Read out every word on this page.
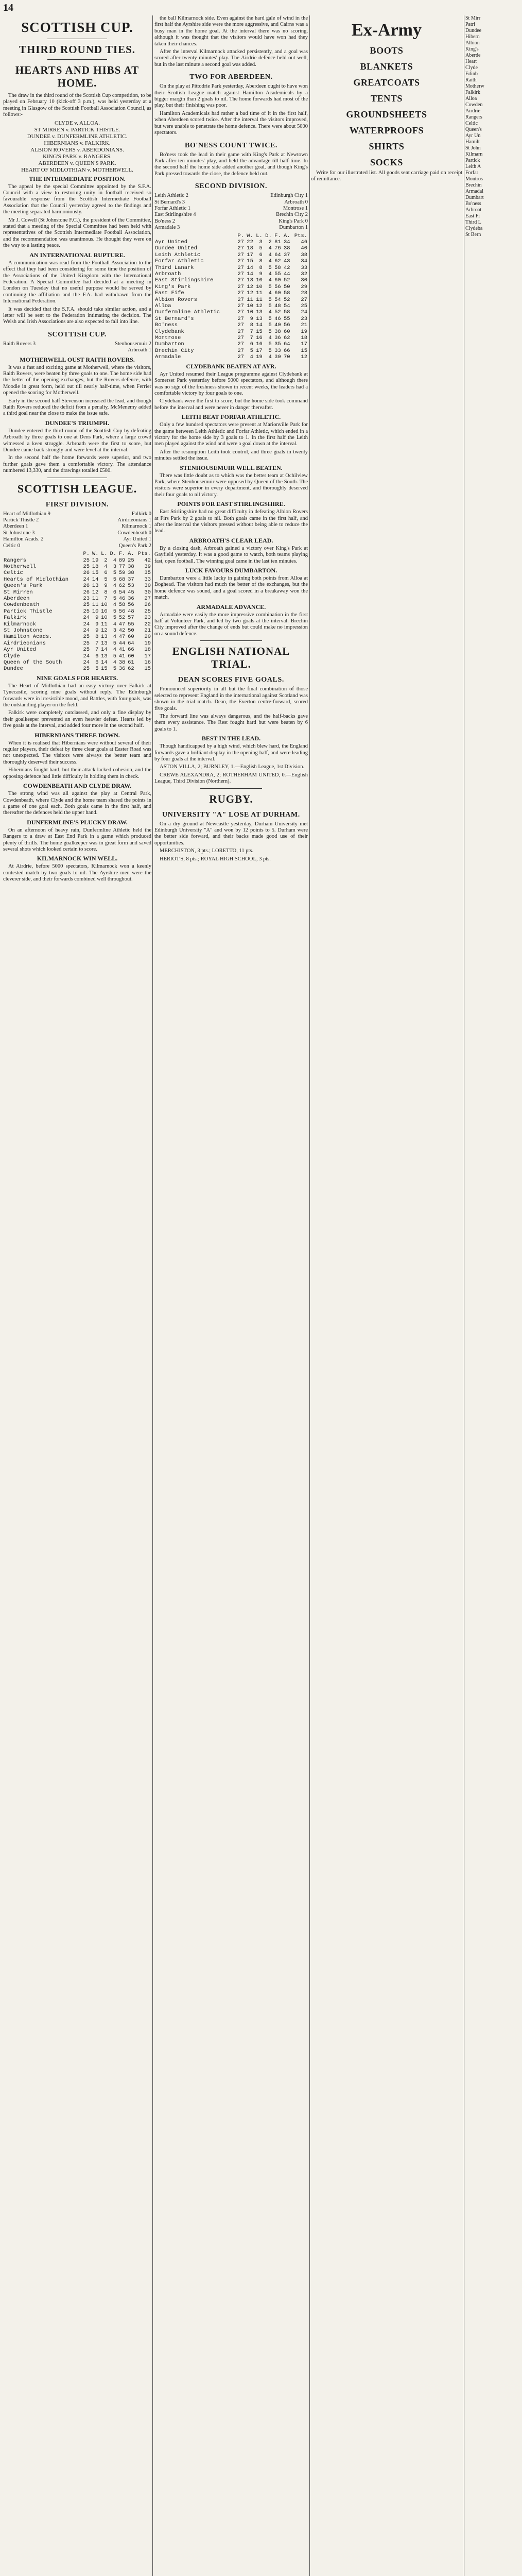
14
SCOTTISH CUP.
THIRD ROUND TIES.
HEARTS AND HIBS AT HOME.

The draw in the third round of the Scottish Cup competition, to be played on February 10 (kick-off 3 p.m.), was held yesterday at a meeting in Glasgow of the Scottish Football Association Council, as follows:-

CLYDE v. ALLOA.
ST MIRREN v. PARTICK THISTLE.
DUNDEE v. DUNFERMLINE ATHLETIC.
HIBERNIANS v. FALKIRK.
ALBION ROVERS v. ABERDONIANS.
KING'S PARK v. RANGERS.
ABERDEEN v. QUEEN'S PARK.
HEART OF MIDLOTHIAN v. MOTHERWELL.
THE INTERMEDIATE POSITION.

The appeal by the special Committee appointed by the S.F.A. Council with a view to restoring unity in football received so favourable response from the Scottish Intermediate Football Association that the Council yesterday agreed to the findings and the meeting separated harmoniously.

Mr J. Cowell (St Johnstone F.C.), the president of the Committee, stated that a meeting of the Special Committee had been held with representatives of the Scottish Intermediate Football Association, and the recommendation was unanimous. He thought they were on the way to a lasting peace.

AN INTERNATIONAL RUPTURE.

A communication was read from the Football Association to the effect that they had been considering for some time the position of the Associations of the United Kingdom with the International Federation. A Special Committee had decided at a meeting in London on Tuesday that no useful purpose would be served by continuing the affiliation and the F.A. had withdrawn from the International Federation.

It was decided that the S.F.A. should take similar action, and a letter will be sent to the Federation intimating the decision. The Welsh and Irish Associations are also expected to fall into line.

SCOTTISH CUP.
Raith Rovers 3	Stenhousemuir 2
Arbroath 1
MOTHERWELL OUST RAITH ROVERS.

It was a fast and exciting game at Motherwell, where the visitors, Raith Rovers, were beaten by three goals to one. The home side had the better of the opening exchanges, but the Rovers defence, with Moodie in great form, held out till nearly half-time, when Ferrier opened the scoring for Motherwell.

Early in the second half Stevenson increased the lead, and though Raith Rovers reduced the deficit from a penalty, McMenemy added a third goal near the close to make the issue safe.

DUNDEE'S TRIUMPH.

Dundee entered the third round of the Scottish Cup by defeating Arbroath by three goals to one at Dens Park, where a large crowd witnessed a keen struggle. Arbroath were the first to score, but Dundee came back strongly and were level at the interval.

In the second half the home forwards were superior, and two further goals gave them a comfortable victory. The attendance numbered 13,330, and the drawings totalled £580.

SCOTTISH LEAGUE.
FIRST DIVISION.
Heart of Midlothian 9	Falkirk 0
Partick Thistle 2	Airdrieonians 1
Aberdeen 1	Kilmarnock 1
St Johnstone 3	Cowdenbeath 0
Hamilton Acads. 2	Ayr United 1
Celtic 0	Queen's Park 2
	P.	W.	L.	D.	F.	A.	Pts.
Rangers	25	19	2	4	89	25	42
Motherwell	25	18	4	3	77	38	39
Celtic	26	15	6	5	59	38	35
Hearts of Midlothian	24	14	5	5	68	37	33
Queen's Park	26	13	9	4	62	53	30
St Mirren	26	12	8	6	54	45	30
Aberdeen	23	11	7	5	46	36	27
Cowdenbeath	25	11	10	4	58	56	26
Partick Thistle	25	10	10	5	56	48	25
Falkirk	24	9	10	5	52	57	23
Kilmarnock	24	9	11	4	47	55	22
St Johnstone	24	9	12	3	42	50	21
Hamilton Acads.	25	8	13	4	47	60	20
Airdrieonians	25	7	13	5	44	64	19
Ayr United	25	7	14	4	41	66	18
Clyde	24	6	13	5	41	60	17
Queen of the South	24	6	14	4	38	61	16
Dundee	25	5	15	5	36	62	15
NINE GOALS FOR HEARTS.

The Heart of Midlothian had an easy victory over Falkirk at Tynecastle, scoring nine goals without reply. The Edinburgh forwards were in irresistible mood, and Battles, with four goals, was the outstanding player on the field.

Falkirk were completely outclassed, and only a fine display by their goalkeeper prevented an even heavier defeat. Hearts led by five goals at the interval, and added four more in the second half.

HIBERNIANS THREE DOWN.

When it is realised that Hibernians were without several of their regular players, their defeat by three clear goals at Easter Road was not unexpected. The visitors were always the better team and thoroughly deserved their success.

Hibernians fought hard, but their attack lacked cohesion, and the opposing defence had little difficulty in holding them in check.

COWDENBEATH AND CLYDE DRAW.

The strong wind was all against the play at Central Park, Cowdenbeath, where Clyde and the home team shared the points in a game of one goal each. Both goals came in the first half, and thereafter the defences held the upper hand.

DUNFERMLINE'S PLUCKY DRAW.

On an afternoon of heavy rain, Dunfermline Athletic held the Rangers to a draw at East End Park in a game which produced plenty of thrills. The home goalkeeper was in great form and saved several shots which looked certain to score.

KILMARNOCK WIN WELL.

At Airdrie, before 5000 spectators, Kilmarnock won a keenly contested match by two goals to nil. The Ayrshire men were the cleverer side, and their forwards combined well throughout.

the ball Kilmarnock side. Even against the hard gale of wind in the first half the Ayrshire side were the more aggressive, and Cairns was a busy man in the home goal. At the interval there was no scoring, although it was thought that the visitors would have won had they taken their chances.

After the interval Kilmarnock attacked persistently, and a goal was scored after twenty minutes' play. The Airdrie defence held out well, but in the last minute a second goal was added.

TWO FOR ABERDEEN.

On the play at Pittodrie Park yesterday, Aberdeen ought to have won their Scottish League match against Hamilton Academicals by a bigger margin than 2 goals to nil. The home forwards had most of the play, but their finishing was poor.

Hamilton Academicals had rather a bad time of it in the first half, when Aberdeen scored twice. After the interval the visitors improved, but were unable to penetrate the home defence. There were about 5000 spectators.

BO'NESS COUNT TWICE.

Bo'ness took the lead in their game with King's Park at Newtown Park after ten minutes' play, and held the advantage till half-time. In the second half the home side added another goal, and though King's Park pressed towards the close, the defence held out.

SECOND DIVISION.
Leith Athletic 2	Edinburgh City 1
St Bernard's 3	Arbroath 0
Forfar Athletic 1	Montrose 1
East Stirlingshire 4	Brechin City 2
Bo'ness 2	King's Park 0
Armadale 3	Dumbarton 1
	P.	W.	L.	D.	F.	A.	Pts.
Ayr United	27	22	3	2	81	34	46
Dundee United	27	18	5	4	76	38	40
Leith Athletic	27	17	6	4	64	37	38
Forfar Athletic	27	15	8	4	62	43	34
Third Lanark	27	14	8	5	58	42	33
Arbroath	27	14	9	4	55	44	32
East Stirlingshire	27	13	10	4	60	52	30
King's Park	27	12	10	5	56	50	29
East Fife	27	12	11	4	60	58	28
Albion Rovers	27	11	11	5	54	52	27
Alloa	27	10	12	5	48	54	25
Dunfermline Athletic	27	10	13	4	52	58	24
St Bernard's	27	9	13	5	46	55	23
Bo'ness	27	8	14	5	40	56	21
Clydebank	27	7	15	5	38	60	19
Montrose	27	7	16	4	36	62	18
Dumbarton	27	6	16	5	35	64	17
Brechin City	27	5	17	5	33	66	15
Armadale	27	4	19	4	30	70	12
CLYDEBANK BEATEN AT AYR.

Ayr United resumed their League programme against Clydebank at Somerset Park yesterday before 5000 spectators, and although there was no sign of the freshness shown in recent weeks, the leaders had a comfortable victory by four goals to one.

Clydebank were the first to score, but the home side took command before the interval and were never in danger thereafter.

LEITH BEAT FORFAR ATHLETIC.

Only a few hundred spectators were present at Marionville Park for the game between Leith Athletic and Forfar Athletic, which ended in a victory for the home side by 3 goals to 1. In the first half the Leith men played against the wind and were a goal down at the interval.

After the resumption Leith took control, and three goals in twenty minutes settled the issue.

STENHOUSEMUIR WELL BEATEN.

There was little doubt as to which was the better team at Ochilview Park, where Stenhousemuir were opposed by Queen of the South. The visitors were superior in every department, and thoroughly deserved their four goals to nil victory.

POINTS FOR EAST STIRLINGSHIRE.

East Stirlingshire had no great difficulty in defeating Albion Rovers at Firs Park by 2 goals to nil. Both goals came in the first half, and after the interval the visitors pressed without being able to reduce the lead.

ARBROATH'S CLEAR LEAD.

By a closing dash, Arbroath gained a victory over King's Park at Gayfield yesterday. It was a good game to watch, both teams playing fast, open football. The winning goal came in the last ten minutes.

LUCK FAVOURS DUMBARTON.

Dumbarton were a little lucky in gaining both points from Alloa at Boghead. The visitors had much the better of the exchanges, but the home defence was sound, and a goal scored in a breakaway won the match.

ARMADALE ADVANCE.

Armadale were easily the more impressive combination in the first half at Volunteer Park, and led by two goals at the interval. Brechin City improved after the change of ends but could make no impression on a sound defence.

ENGLISH NATIONAL TRIAL.
DEAN SCORES FIVE GOALS.

Pronounced superiority in all but the final combination of those selected to represent England in the international against Scotland was shown in the trial match. Dean, the Everton centre-forward, scored five goals.

The forward line was always dangerous, and the half-backs gave them every assistance. The Rest fought hard but were beaten by 6 goals to 1.

BEST IN THE LEAD.

Though handicapped by a high wind, which blew hard, the England forwards gave a brilliant display in the opening half, and were leading by four goals at the interval.

ASTON VILLA, 2; BURNLEY, 1.—English League, 1st Division.

CREWE ALEXANDRA, 2; ROTHERHAM UNITED, 0.—English League, Third Division (Northern).

RUGBY.
UNIVERSITY "A" LOSE AT DURHAM.

On a dry ground at Newcastle yesterday, Durham University met Edinburgh University "A" and won by 12 points to 5. Durham were the better side forward, and their backs made good use of their opportunities.

MERCHISTON, 3 pts.; LORETTO, 11 pts.

HERIOT'S, 8 pts.; ROYAL HIGH SCHOOL, 3 pts.

Ex-Army
BOOTS
BLANKETS
GREATCOATS
TENTS
GROUNDSHEETS
WATERPROOFS
SHIRTS
SOCKS

Write for our illustrated list. All goods sent carriage paid on receipt of remittance.

St Mirr
Patri
Dundee
Hibern
Albion
King's
Aberde
Heart
Clyde
Edinb
Raith
Motherw
Falkirk
Alloa
Cowden
Airdrie
Rangers
Celtic
Queen's
Ayr Un
Hamilt
St John
Kilmarn
Partick
Leith A
Forfar
Montros
Brechin
Armadal
Dumbart
Bo'ness
Arbroat
East Fi
Third L
Clydeba
St Bern
